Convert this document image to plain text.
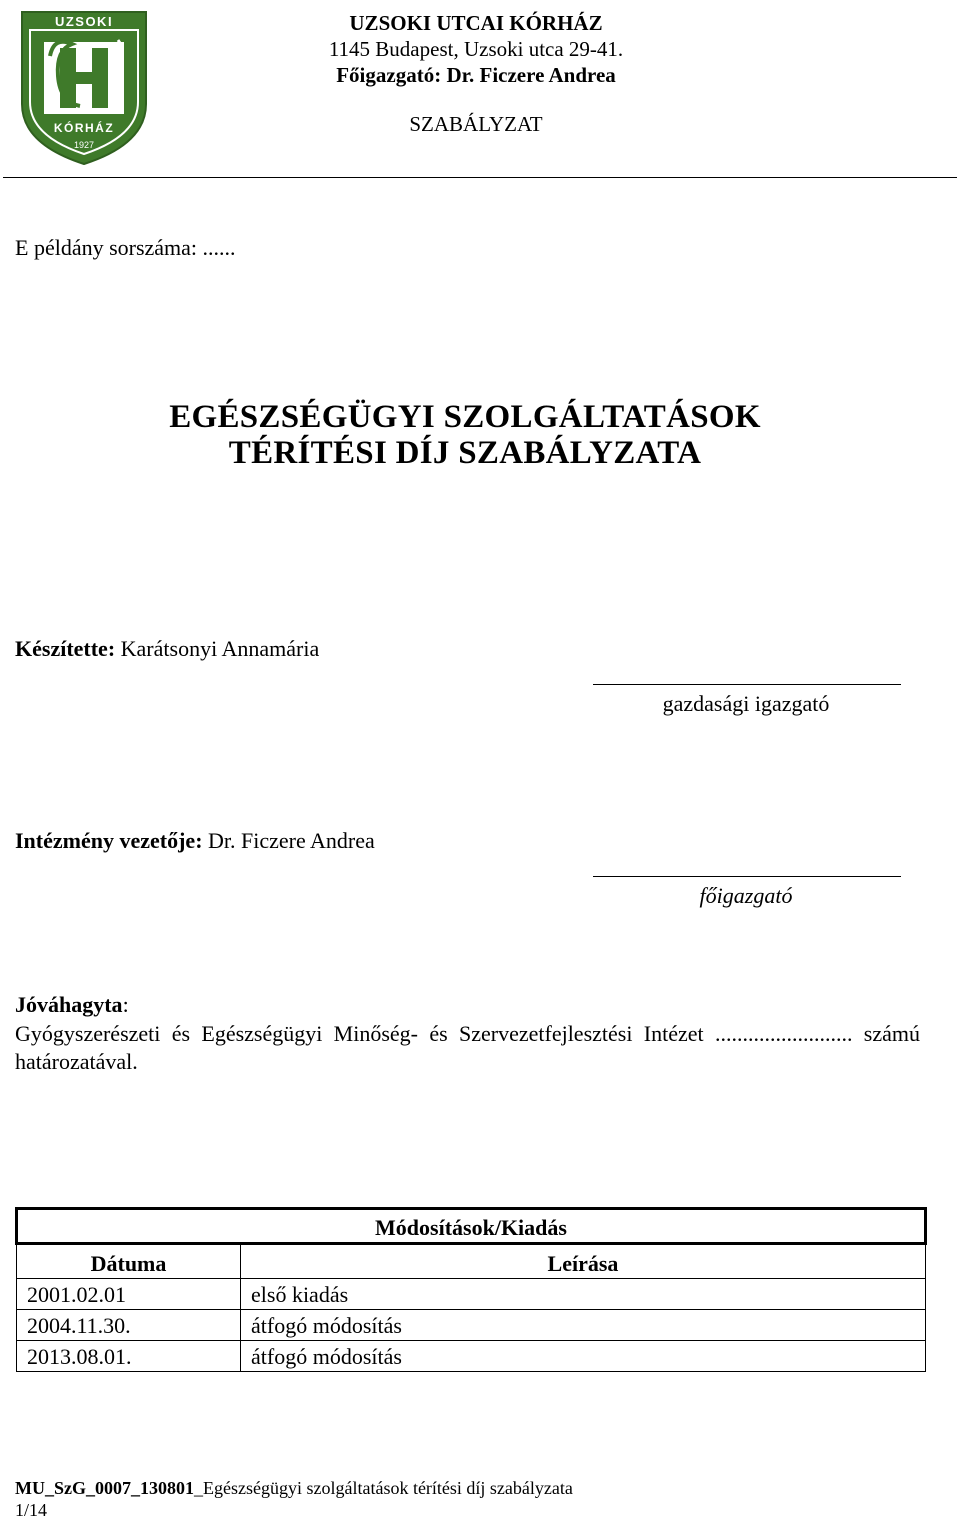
UZSOKI
KÓRHÁZ
1927
UZSOKI UTCAI KÓRHÁZ
1145 Budapest, Uzsoki utca 29-41.
Főigazgató: Dr. Ficzere Andrea
SZABÁLYZAT
E példány sorszáma: ......
EGÉSZSÉGÜGYI SZOLGÁLTATÁSOK
TÉRÍTÉSI DÍJ SZABÁLYZATA
Készítette: Karátsonyi Annamária
gazdasági igazgató
Intézmény vezetője: Dr. Ficzere Andrea
főigazgató
Jóváhagyta:
Gyógyszerészeti és Egészségügyi Minőség- és Szervezetfejlesztési Intézet ......................... számú határozatával.
Módosítások/Kiadás	
Dátuma	Leírása
2001.02.01	első kiadás
2004.11.30.	átfogó módosítás
2013.08.01.	átfogó módosítás
MU_SzG_0007_130801_Egészségügyi szolgáltatások térítési díj szabályzata
1/14
